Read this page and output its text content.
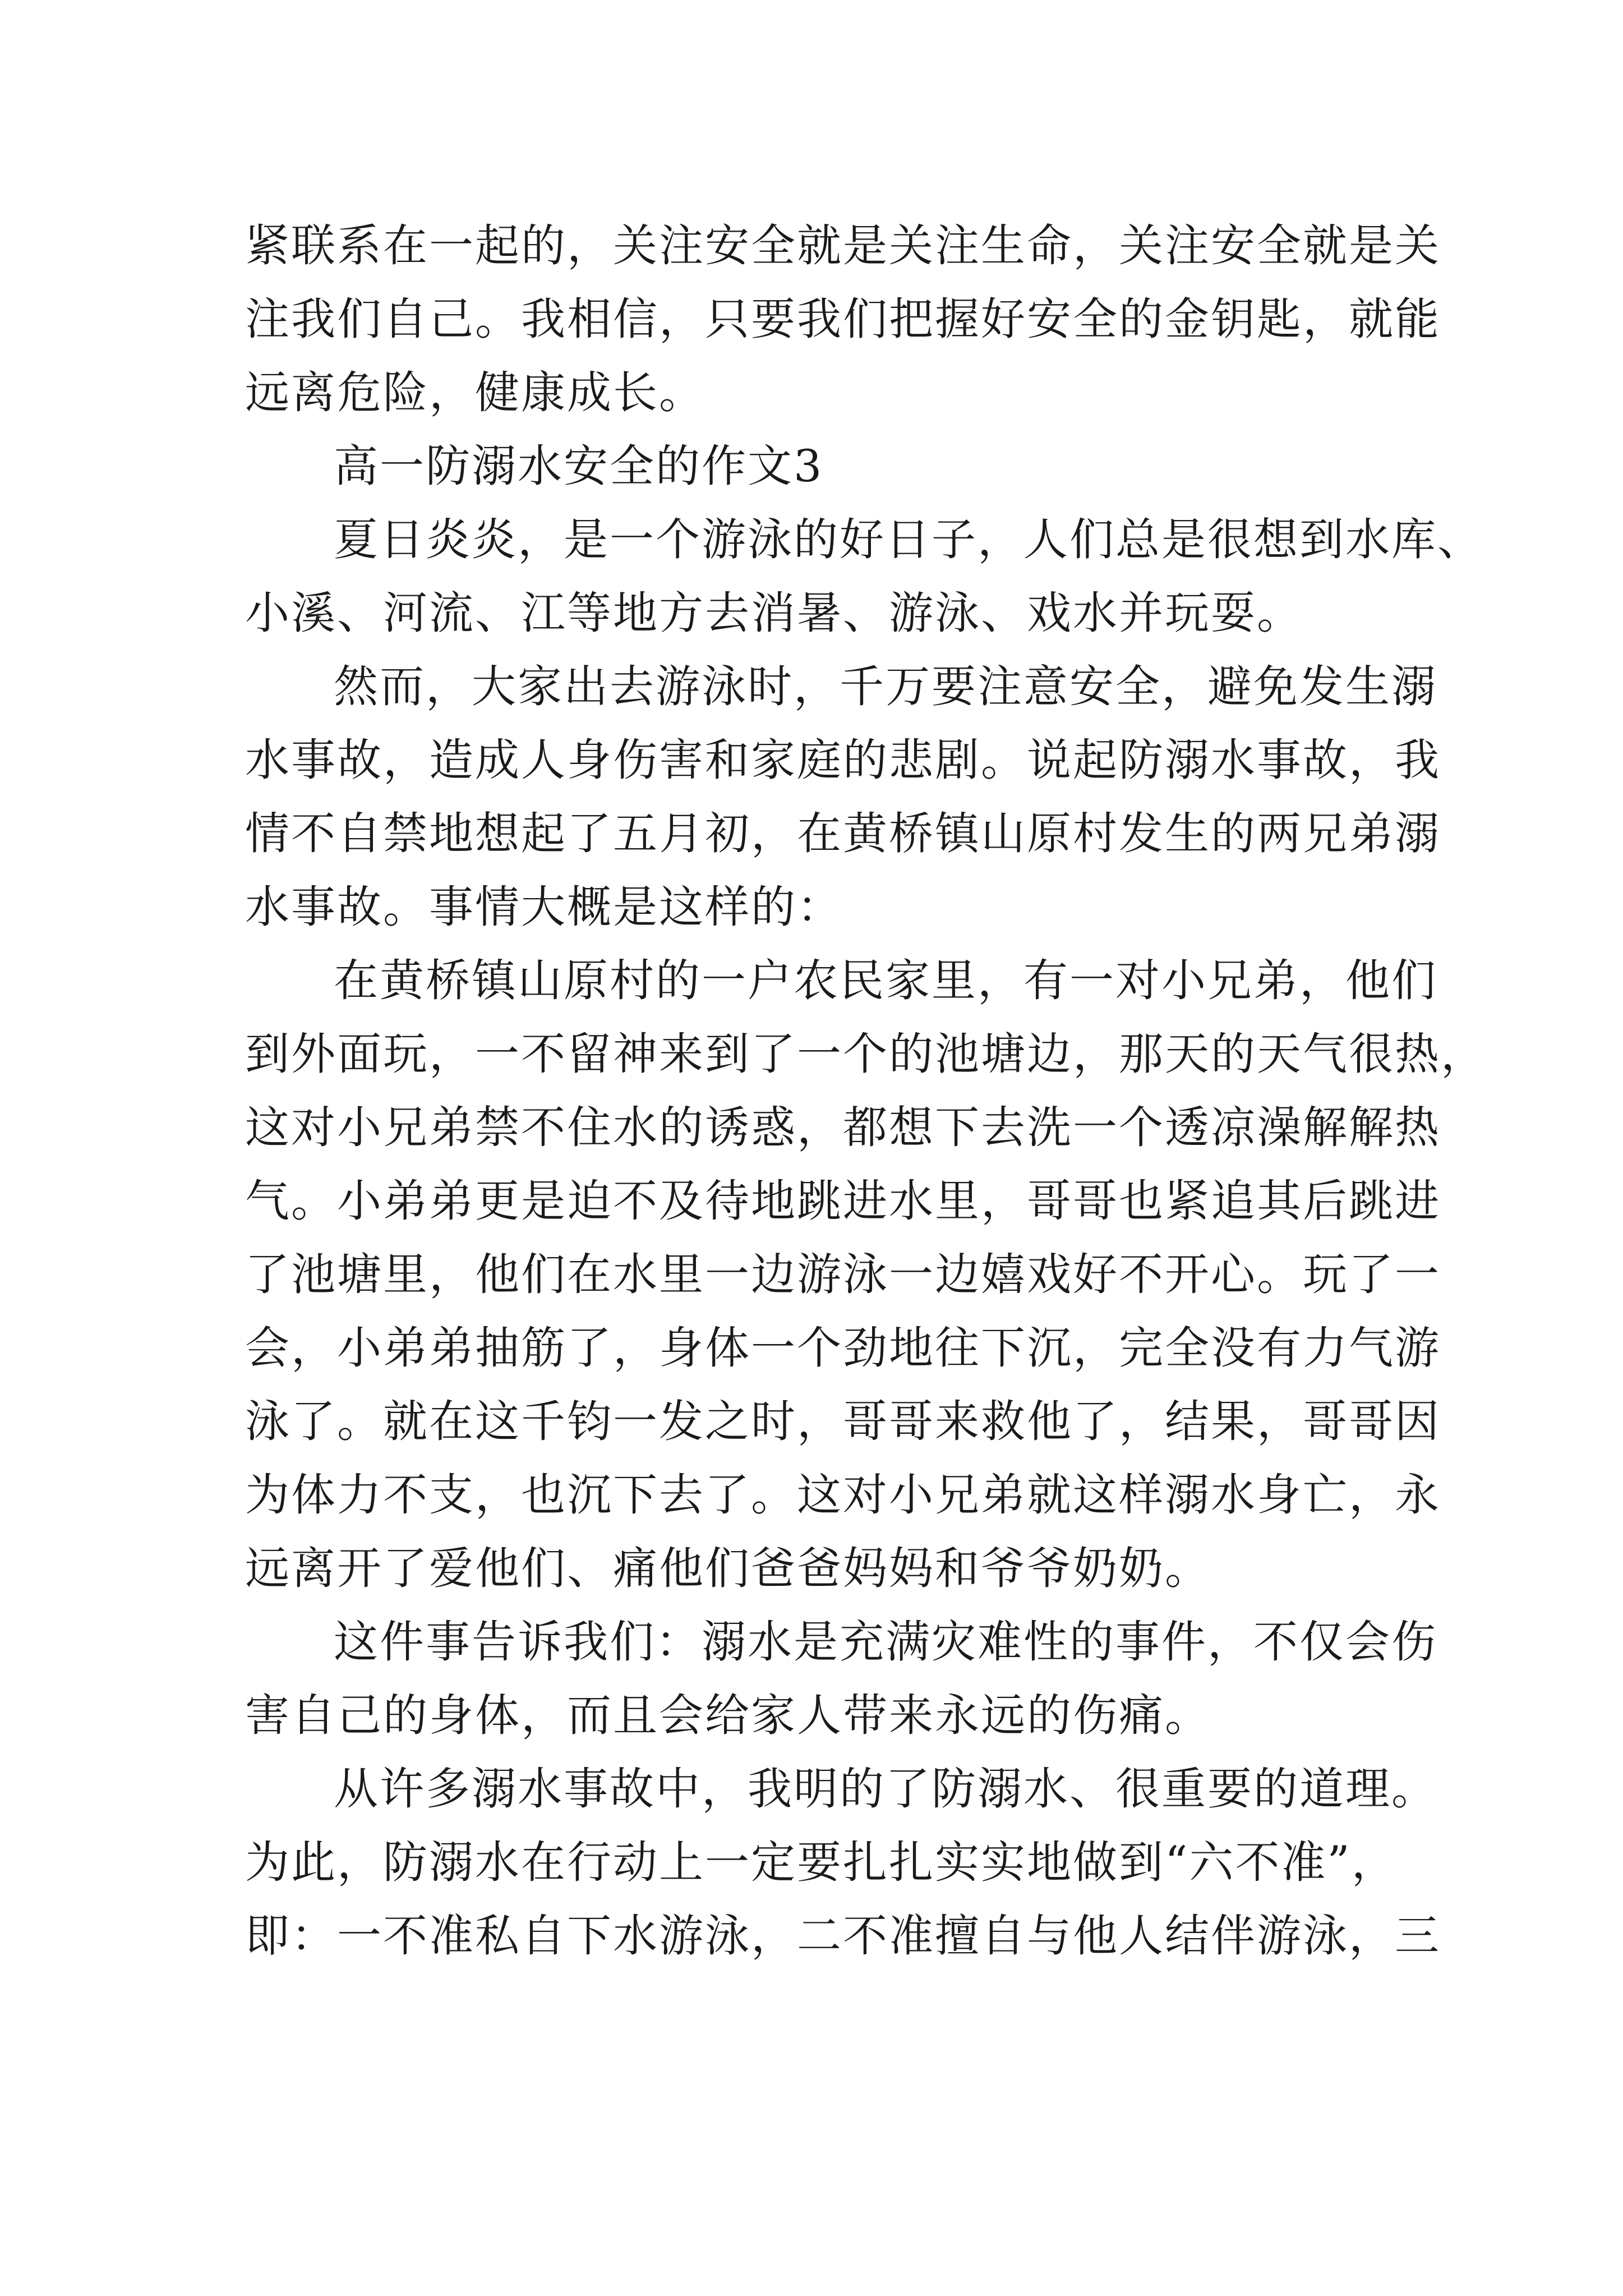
紧联系在一起的，关注安全就是关注生命，关注安全就是关
注我们自己。我相信，只要我们把握好安全的金钥匙，就能
远离危险，健康成长。
高一防溺水安全的作文3
夏日炎炎，是一个游泳的好日子，人们总是很想到水库、
小溪、河流、江等地方去消暑、游泳、戏水并玩耍。
然而，大家出去游泳时，千万要注意安全，避免发生溺
水事故，造成人身伤害和家庭的悲剧。说起防溺水事故，我
情不自禁地想起了五月初，在黄桥镇山原村发生的两兄弟溺
水事故。事情大概是这样的：
在黄桥镇山原村的一户农民家里，有一对小兄弟，他们
到外面玩，一不留神来到了一个的池塘边，那天的天气很热，
这对小兄弟禁不住水的诱惑，都想下去洗一个透凉澡解解热
气。小弟弟更是迫不及待地跳进水里，哥哥也紧追其后跳进
了池塘里，他们在水里一边游泳一边嬉戏好不开心。玩了一
会，小弟弟抽筋了，身体一个劲地往下沉，完全没有力气游
泳了。就在这千钧一发之时，哥哥来救他了，结果，哥哥因
为体力不支，也沉下去了。这对小兄弟就这样溺水身亡，永
远离开了爱他们、痛他们爸爸妈妈和爷爷奶奶。
这件事告诉我们：溺水是充满灾难性的事件，不仅会伤
害自己的身体，而且会给家人带来永远的伤痛。
从许多溺水事故中，我明的了防溺水、很重要的道理。
为此，防溺水在行动上一定要扎扎实实地做到“六不准”，
即：一不准私自下水游泳，二不准擅自与他人结伴游泳，三
